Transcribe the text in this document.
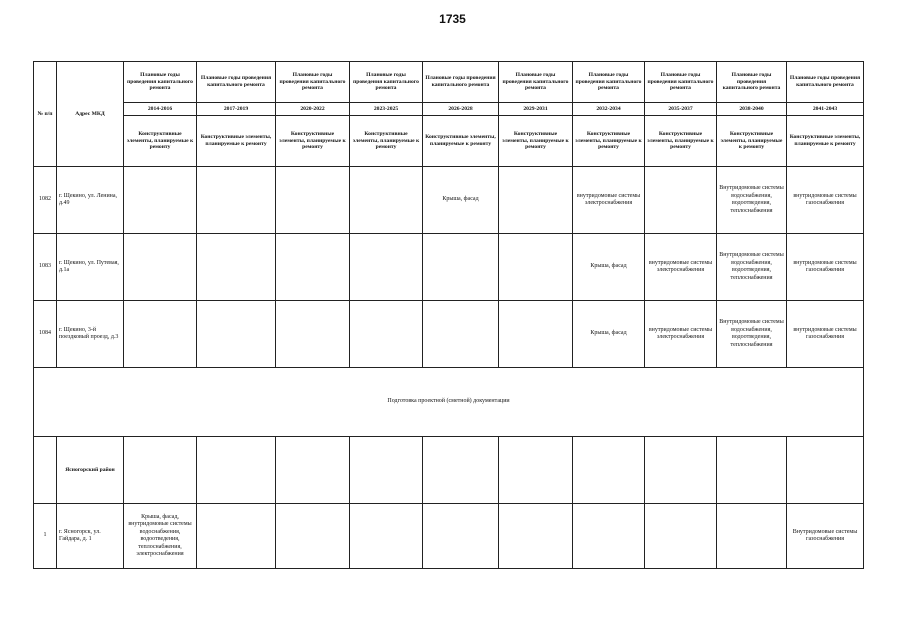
1735
№ п/п	Адрес МКД	Плановые годы проведения капитального ремонта	Плановые годы проведения капитального ремонта	Плановые годы проведения капитального ремонта	Плановые годы проведения капитального ремонта	Плановые годы проведения капитального ремонта	Плановые годы проведения капитального ремонта	Плановые годы проведения капитального ремонта	Плановые годы проведения капитального ремонта	Плановые годы проведения капитального ремонта	Плановые годы проведения капитального ремонта
		2014-2016	2017-2019	2020-2022	2023-2025	2026-2028	2029-2031	2032-2034	2035-2037	2038-2040	2041-2043
		Конструктивные элементы, планируемые к ремонту	Конструктивные элементы, планируемые к ремонту	Конструктивные элементы, планируемые к ремонту	Конструктивные элементы, планируемые к ремонту	Конструктивные элементы, планируемые к ремонту	Конструктивные элементы, планируемые к ремонту	Конструктивные элементы, планируемые к ремонту	Конструктивные элементы, планируемые к ремонту	Конструктивные элементы, планируемые к ремонту	Конструктивные элементы, планируемые к ремонту
1082	г. Щекино, ул. Ленина, д.49					Крыша, фасад		внутридомовые системы электроснабжения		Внутридомовые системы водоснабжения, водоотведения, теплоснабжения	внутридомовые системы газоснабжения
1083	г. Щекино, ул. Путевая, д.1а							Крыша, фасад	внутридомовые системы электроснабжения	Внутридомовые системы водоснабжения, водоотведения, теплоснабжения	внутридомовые системы газоснабжения
1084	г. Щекино, 3-й поездковый проезд, д.3							Крыша, фасад	внутридомовые системы электроснабжения	Внутридомовые системы водоснабжения, водоотведения, теплоснабжения	внутридомовые системы газоснабжения
Подготовка проектной (сметной) документации											
	Ясногорский район										
1	г. Ясногорск, ул. Гайдара, д. 1	Крыша, фасад, внутридомовые системы водоснабжения, водоотведения, теплоснабжения, электроснабжения									Внутридомовые системы газоснабжения
